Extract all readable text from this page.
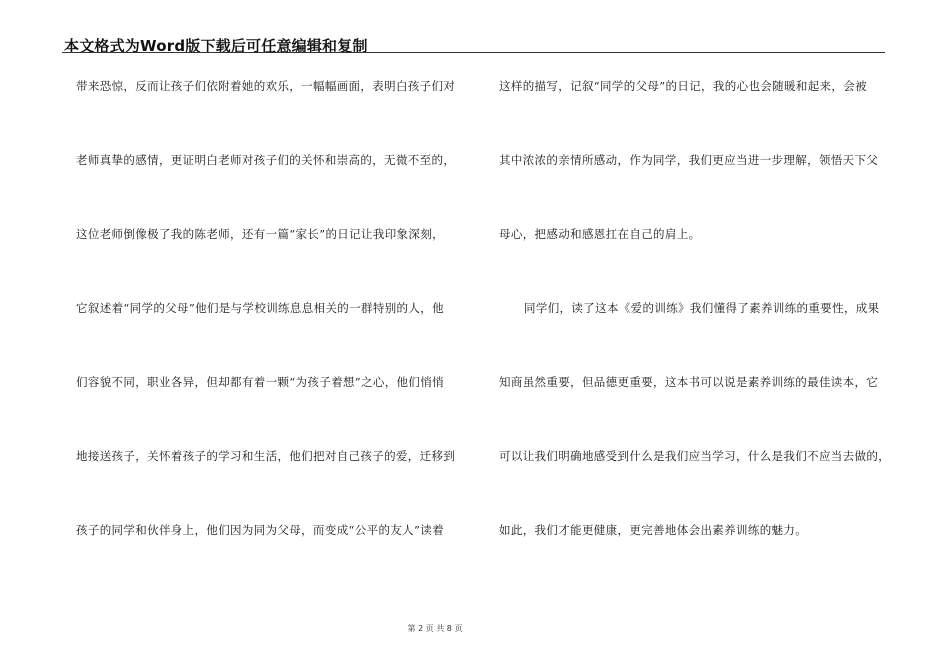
本文格式为Word版下载后可任意编辑和复制
带来恐惊，反而让孩子们依附着她的欢乐，一幅幅画面，表明白孩子们对
老师真挚的感情，更证明白老师对孩子们的关怀和崇高的，无微不至的，
这位老师倒像极了我的陈老师，还有一篇“家长”的日记让我印象深刻，
它叙述着“同学的父母”他们是与学校训练息息相关的一群特别的人，他
们容貌不同，职业各异，但却都有着一颗“为孩子着想”之心，他们悄悄
地接送孩子，关怀着孩子的学习和生活，他们把对自己孩子的爱，迁移到
孩子的同学和伙伴身上，他们因为同为父母，而变成“公平的友人”读着
这样的描写，记叙“同学的父母”的日记，我的心也会随暖和起来，会被
其中浓浓的亲情所感动，作为同学，我们更应当进一步理解，领悟天下父
母心，把感动和感恩扛在自己的肩上。
同学们，读了这本《爱的训练》我们懂得了素养训练的重要性，成果
知商虽然重要，但品德更重要，这本书可以说是素养训练的最佳读本，它
可以让我们明确地感受到什么是我们应当学习，什么是我们不应当去做的，
如此，我们才能更健康，更完善地体会出素养训练的魅力。
第 2 页 共 8 页
